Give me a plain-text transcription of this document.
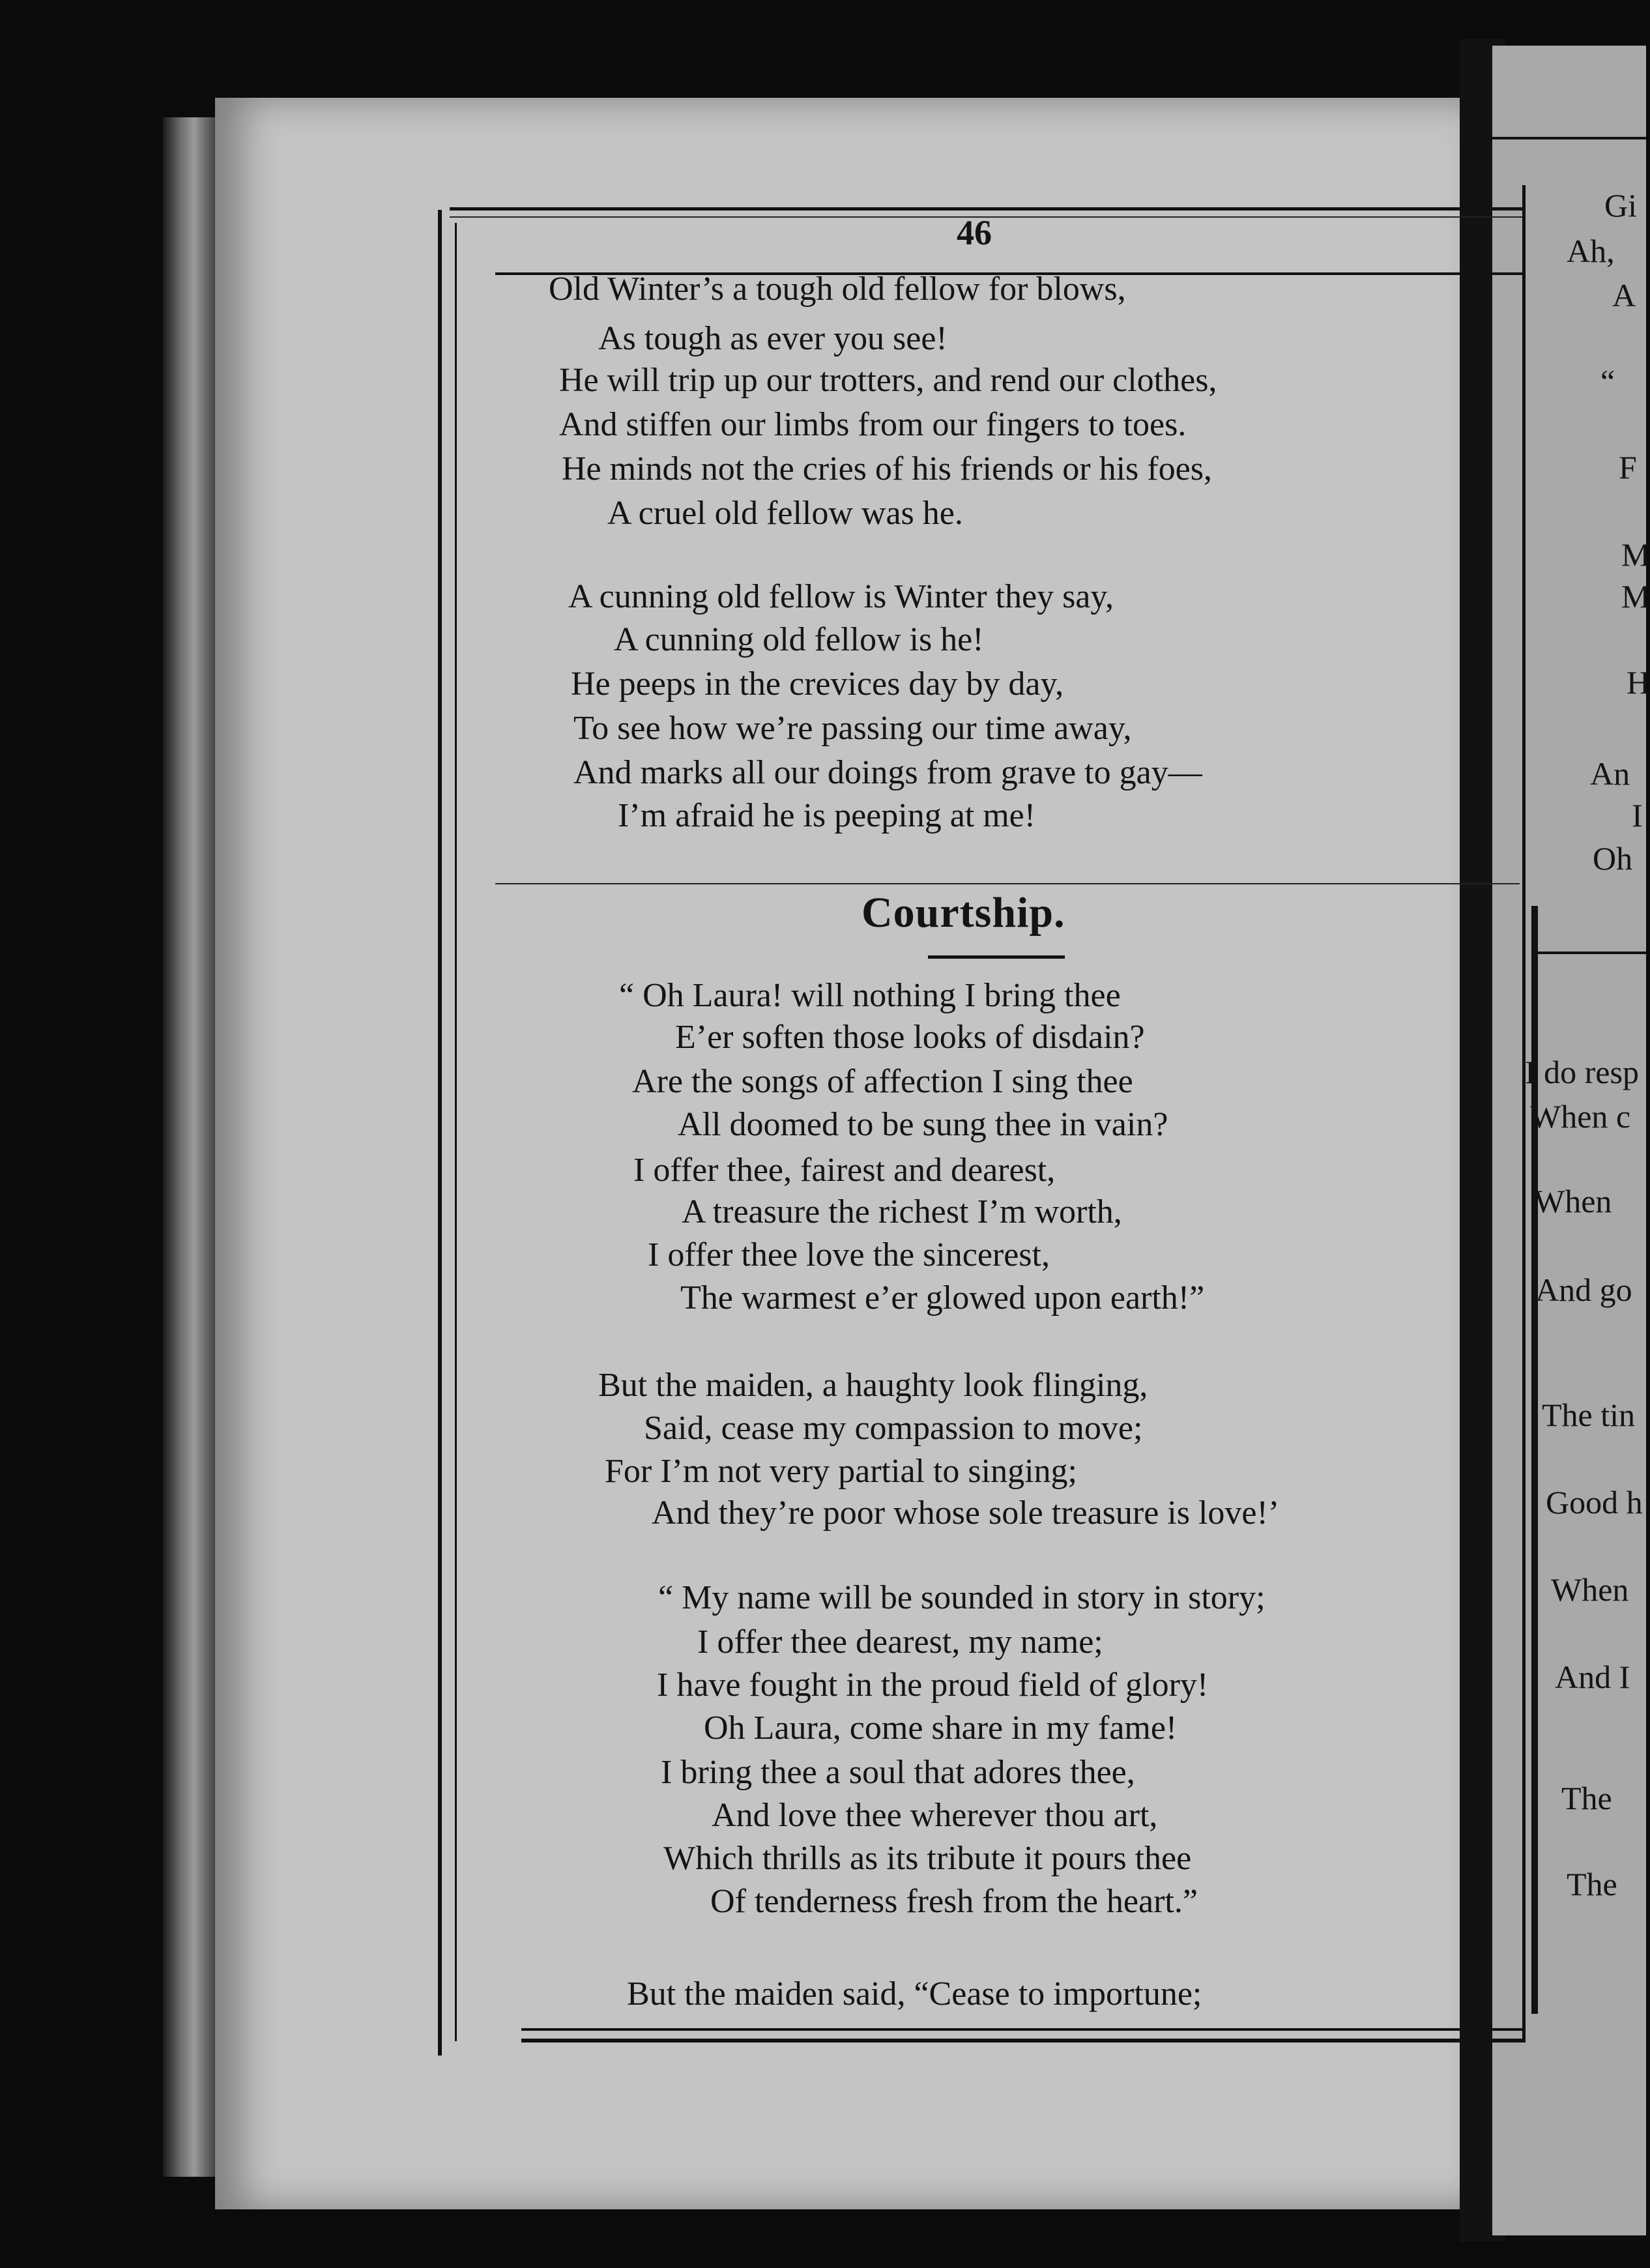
46
Old Winter’s a tough old fellow for blows,
As tough as ever you see!
He will trip up our trotters, and rend our clothes,
And stiffen our limbs from our fingers to toes.
He minds not the cries of his friends or his foes,
A cruel old fellow was he.
A cunning old fellow is Winter they say,
A cunning old fellow is he!
He peeps in the crevices day by day,
To see how we’re passing our time away,
And marks all our doings from grave to gay—
I’m afraid he is peeping at me!
Courtship.
“ Oh Laura! will nothing I bring thee
E’er soften those looks of disdain?
Are the songs of affection I sing thee
All doomed to be sung thee in vain?
I offer thee, fairest and dearest,
A treasure the richest I’m worth,
I offer thee love the sincerest,
The warmest e’er glowed upon earth!”
But the maiden, a haughty look flinging,
Said, cease my compassion to move;
For I’m not very partial to singing;
And they’re poor whose sole treasure is love!’
“ My name will be sounded in story in story;
I offer thee dearest, my name;
I have fought in the proud field of glory!
Oh Laura, come share in my fame!
I bring thee a soul that adores thee,
And love thee wherever thou art,
Which thrills as its tribute it pours thee
Of tenderness fresh from the heart.”
But the maiden said, “Cease to importune;
Gi
Ah,
A
“
F
M
M
H
An
I
Oh
I do resp
When c
When
And go
The tin
Good h
When
And I
The
The
